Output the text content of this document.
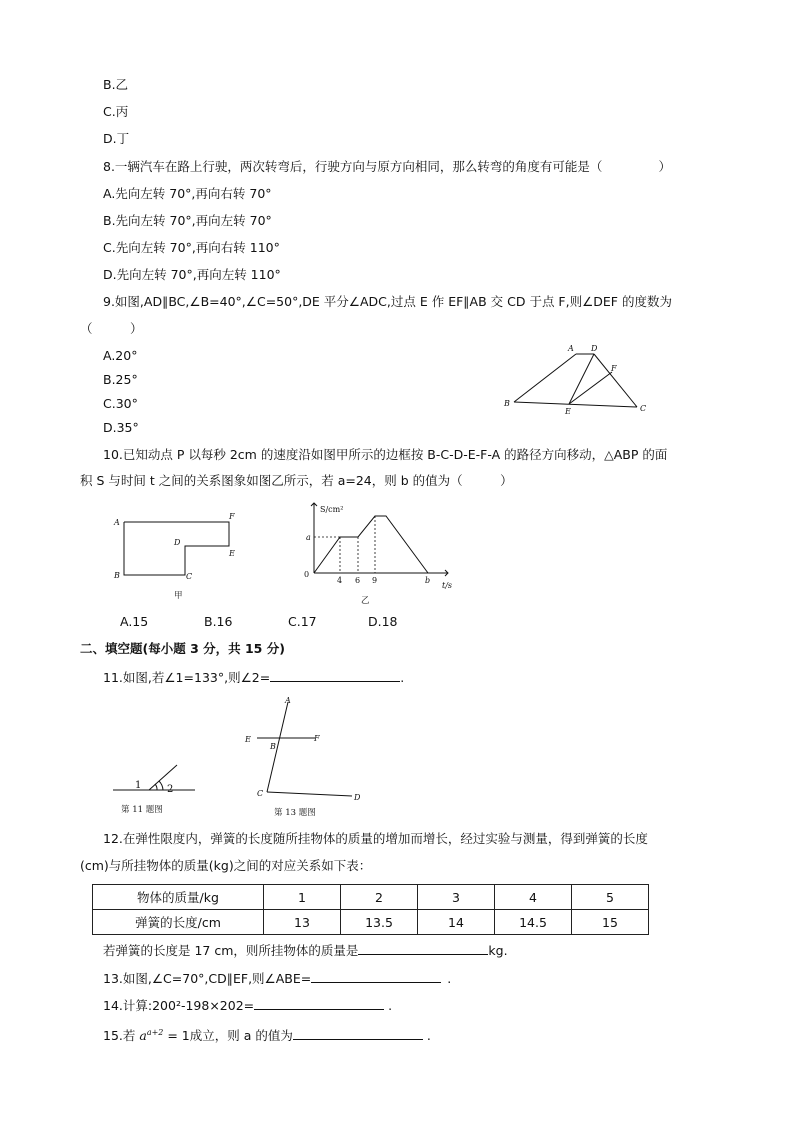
B.乙
C.丙
D.丁
8.一辆汽车在路上行驶，两次转弯后，行驶方向与原方向相同，那么转弯的角度有可能是（	）
A.先向左转 70°,再向右转 70°
B.先向左转 70°,再向左转 70°
C.先向左转 70°,再向右转 110°
D.先向左转 70°,再向左转 110°
9.如图,AD∥BC,∠B=40°,∠C=50°,DE 平分∠ADC,过点 E 作 EF∥AB 交 CD 于点 F,则∠DEF 的度数为
（　　　）
A.20°
B.25°
C.30°
D.35°
A D
F
B
E	C
10.已知动点 P 以每秒 2cm 的速度沿如图甲所示的边框按 B-C-D-E-F-A 的路径方向移动，△ABP 的面
积 S 与时间 t 之间的关系图象如图乙所示，若 a=24，则 b 的值为（　　　）
A
F
D
E
B	C
甲
S/cm²
a
0
4 6 9	b
t/s
乙
A.15	B.16	C.17	D.18
二、填空题(每小题 3 分，共 15 分)
11.如图,若∠1=133°,则∠2=	.
1	2
第 11 题图
A
E
B
F
C	D
第 13 题图
12.在弹性限度内，弹簧的长度随所挂物体的质量的增加而增长，经过实验与测量，得到弹簧的长度
(cm)与所挂物体的质量(kg)之间的对应关系如下表：
物体的质量/kg	1	2	3	4	5
弹簧的长度/cm	13	13.5	14	14.5	15
若弹簧的长度是 17 cm，则所挂物体的质量是	kg.
13.如图,∠C=70°,CD∥EF,则∠ABE=	.
14.计算:200²-198×202=	.
15.若 $a^{a+2} = 1$成立，则 a 的值为	.
